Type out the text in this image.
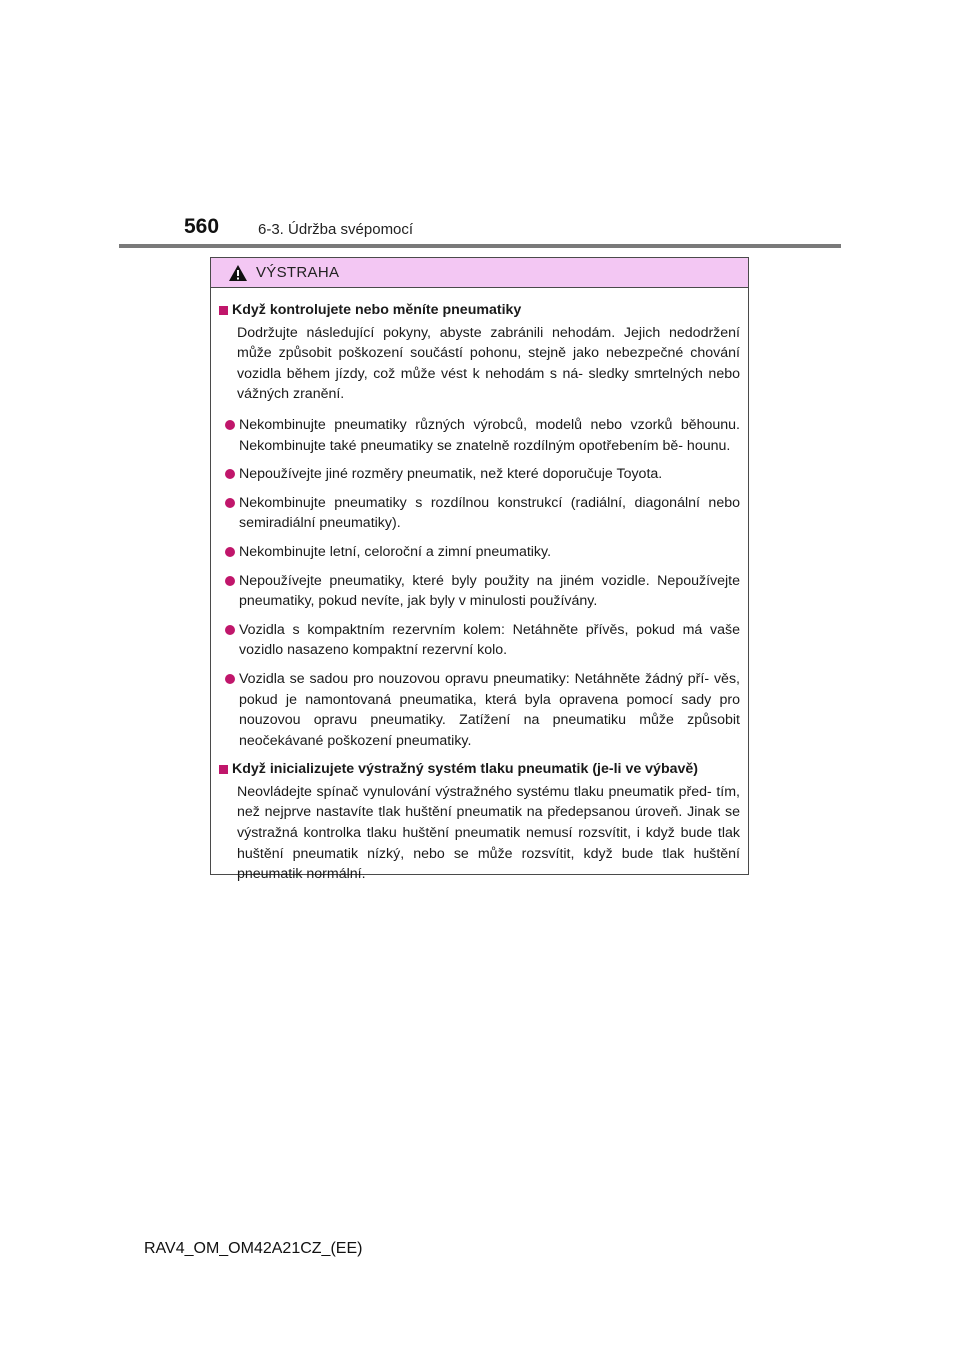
560	6-3. Údržba svépomocí
VÝSTRAHA
Když kontrolujete nebo měníte pneumatiky
Dodržujte následující pokyny, abyste zabránili nehodám. Jejich nedodržení může způsobit poškození součástí pohonu, stejně jako nebezpečné chování vozidla během jízdy, což může vést k nehodám s ná- sledky smrtelných nebo vážných zranění.
Nekombinujte pneumatiky různých výrobců, modelů nebo vzorků běhounu. Nekombinujte také pneumatiky se znatelně rozdílným opotřebením bě- hounu.
Nepoužívejte jiné rozměry pneumatik, než které doporučuje Toyota.
Nekombinujte pneumatiky s rozdílnou konstrukcí (radiální, diagonální nebo semiradiální pneumatiky).
Nekombinujte letní, celoroční a zimní pneumatiky.
Nepoužívejte pneumatiky, které byly použity na jiném vozidle. Nepoužívejte pneumatiky, pokud nevíte, jak byly v minulosti používány.
Vozidla s kompaktním rezervním kolem: Netáhněte přívěs, pokud má vaše vozidlo nasazeno kompaktní rezervní kolo.
Vozidla se sadou pro nouzovou opravu pneumatiky: Netáhněte žádný pří- věs, pokud je namontovaná pneumatika, která byla opravena pomocí sady pro nouzovou opravu pneumatiky. Zatížení na pneumatiku může způsobit neočekávané poškození pneumatiky.
Když inicializujete výstražný systém tlaku pneumatik (je-li ve výbavě)
Neovládejte spínač vynulování výstražného systému tlaku pneumatik před- tím, než nejprve nastavíte tlak huštění pneumatik na předepsanou úroveň. Jinak se výstražná kontrolka tlaku huštění pneumatik nemusí rozsvítit, i když bude tlak huštění pneumatik nízký, nebo se může rozsvítit, když bude tlak huštění pneumatik normální.
RAV4_OM_OM42A21CZ_(EE)
